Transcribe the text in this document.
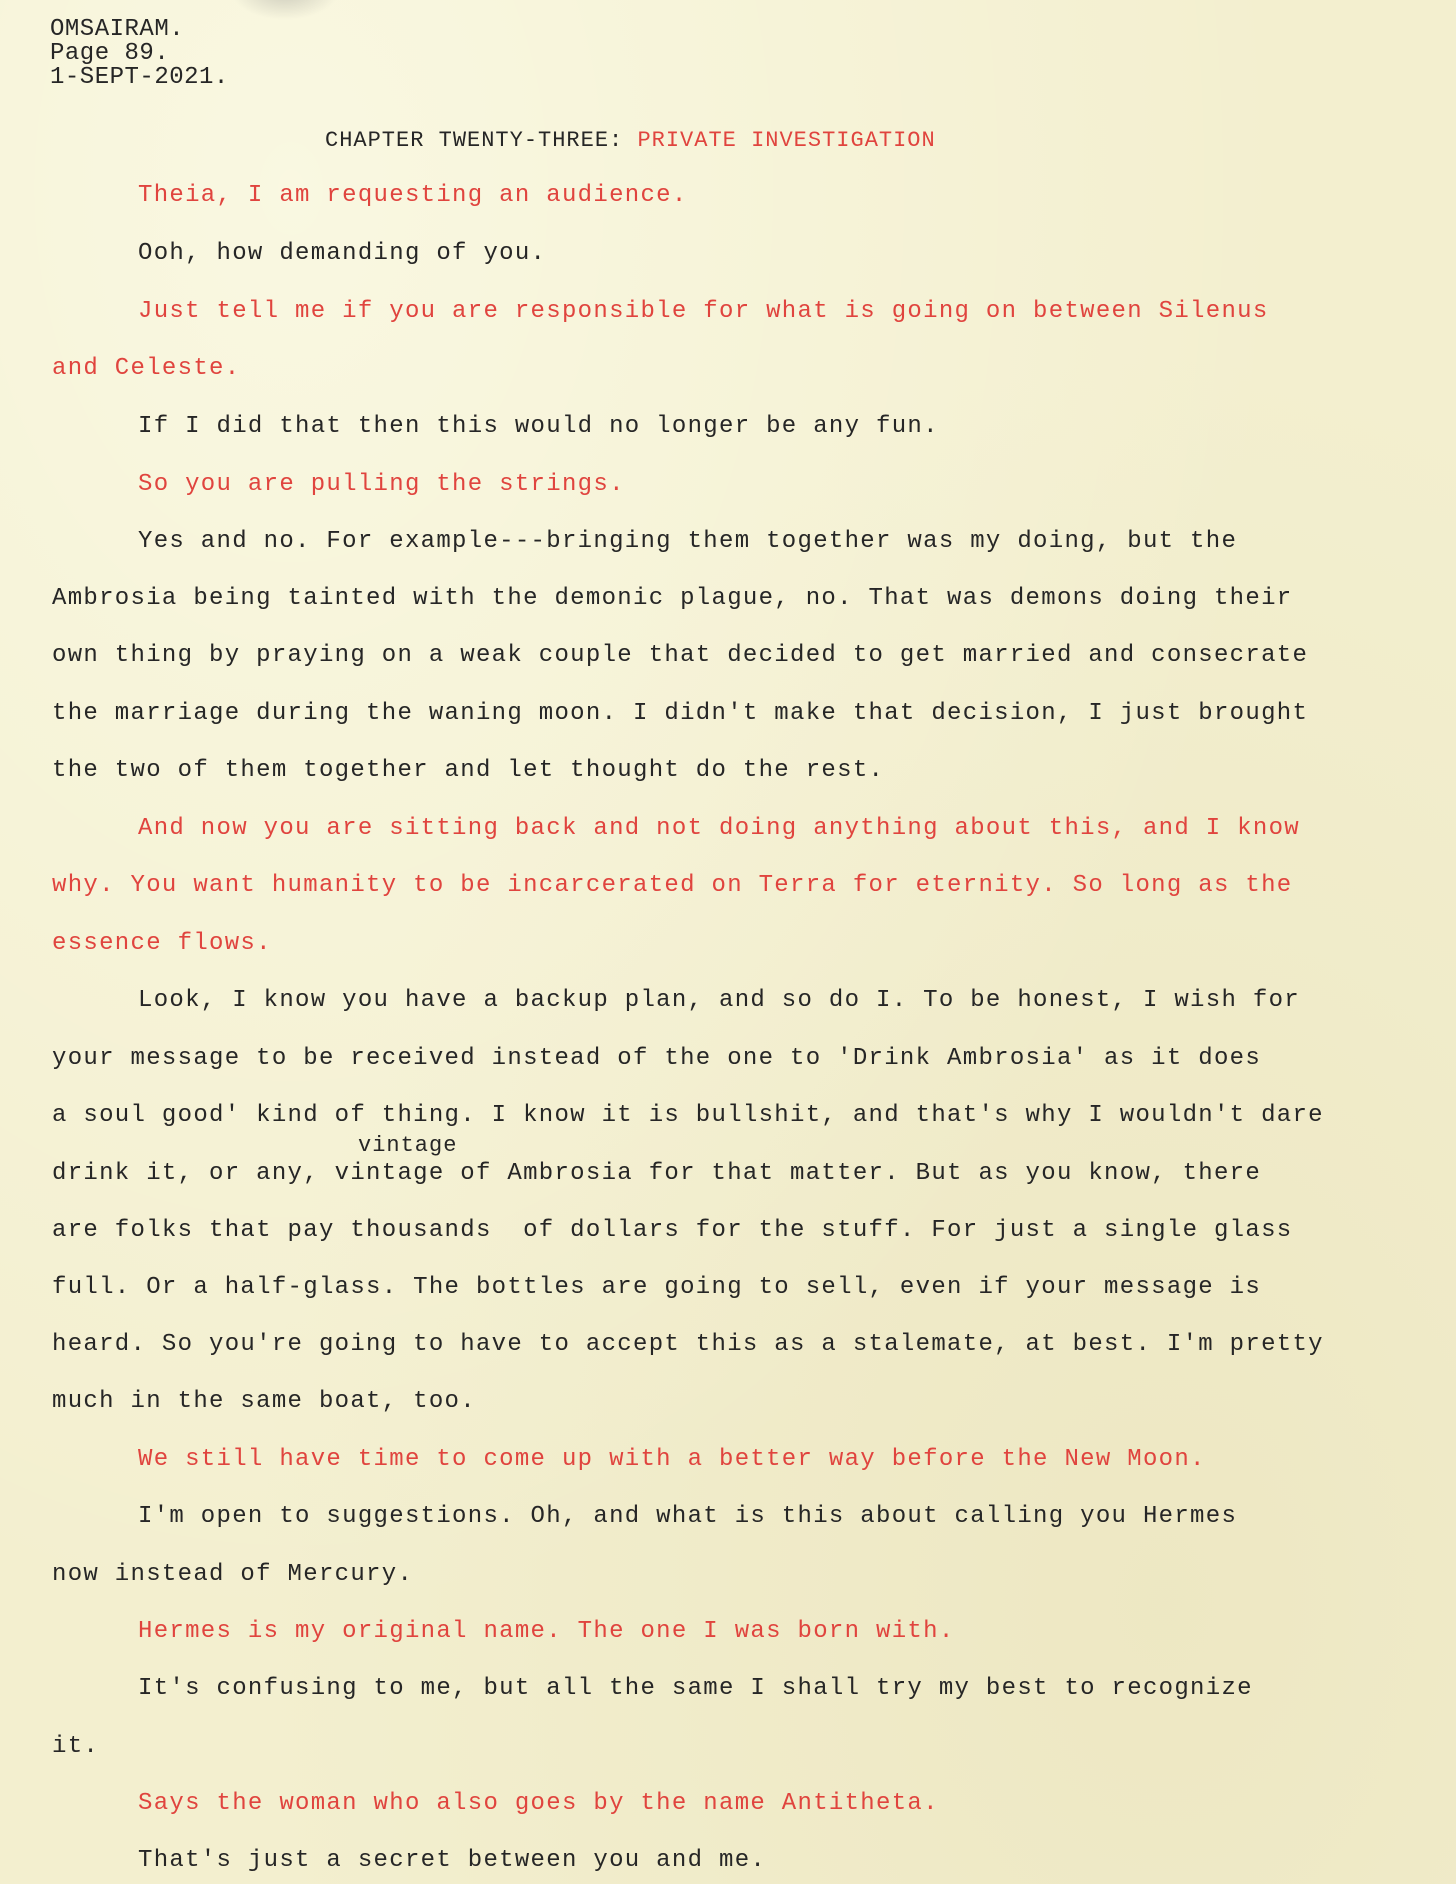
OMSAIRAM.
Page 89.
1-SEPT-2021.
CHAPTER TWENTY-THREE: PRIVATE INVESTIGATION
vintage
Theia, I am requesting an audience.
Ooh, how demanding of you.
Just tell me if you are responsible for what is going on between Silenus
and Celeste.
If I did that then this would no longer be any fun.
So you are pulling the strings.
Yes and no. For example---bringing them together was my doing, but the
Ambrosia being tainted with the demonic plague, no. That was demons doing their
own thing by praying on a weak couple that decided to get married and consecrate
the marriage during the waning moon. I didn't make that decision, I just brought
the two of them together and let thought do the rest.
And now you are sitting back and not doing anything about this, and I know
why. You want humanity to be incarcerated on Terra for eternity. So long as the
essence flows.
Look, I know you have a backup plan, and so do I. To be honest, I wish for
your message to be received instead of the one to 'Drink Ambrosia' as it does
a soul good' kind of thing. I know it is bullshit, and that's why I wouldn't dare
drink it, or any, vintage of Ambrosia for that matter. But as you know, there
are folks that pay thousands  of dollars for the stuff. For just a single glass
full. Or a half-glass. The bottles are going to sell, even if your message is
heard. So you're going to have to accept this as a stalemate, at best. I'm pretty
much in the same boat, too.
We still have time to come up with a better way before the New Moon.
I'm open to suggestions. Oh, and what is this about calling you Hermes
now instead of Mercury.
Hermes is my original name. The one I was born with.
It's confusing to me, but all the same I shall try my best to recognize
it.
Says the woman who also goes by the name Antitheta.
That's just a secret between you and me.
